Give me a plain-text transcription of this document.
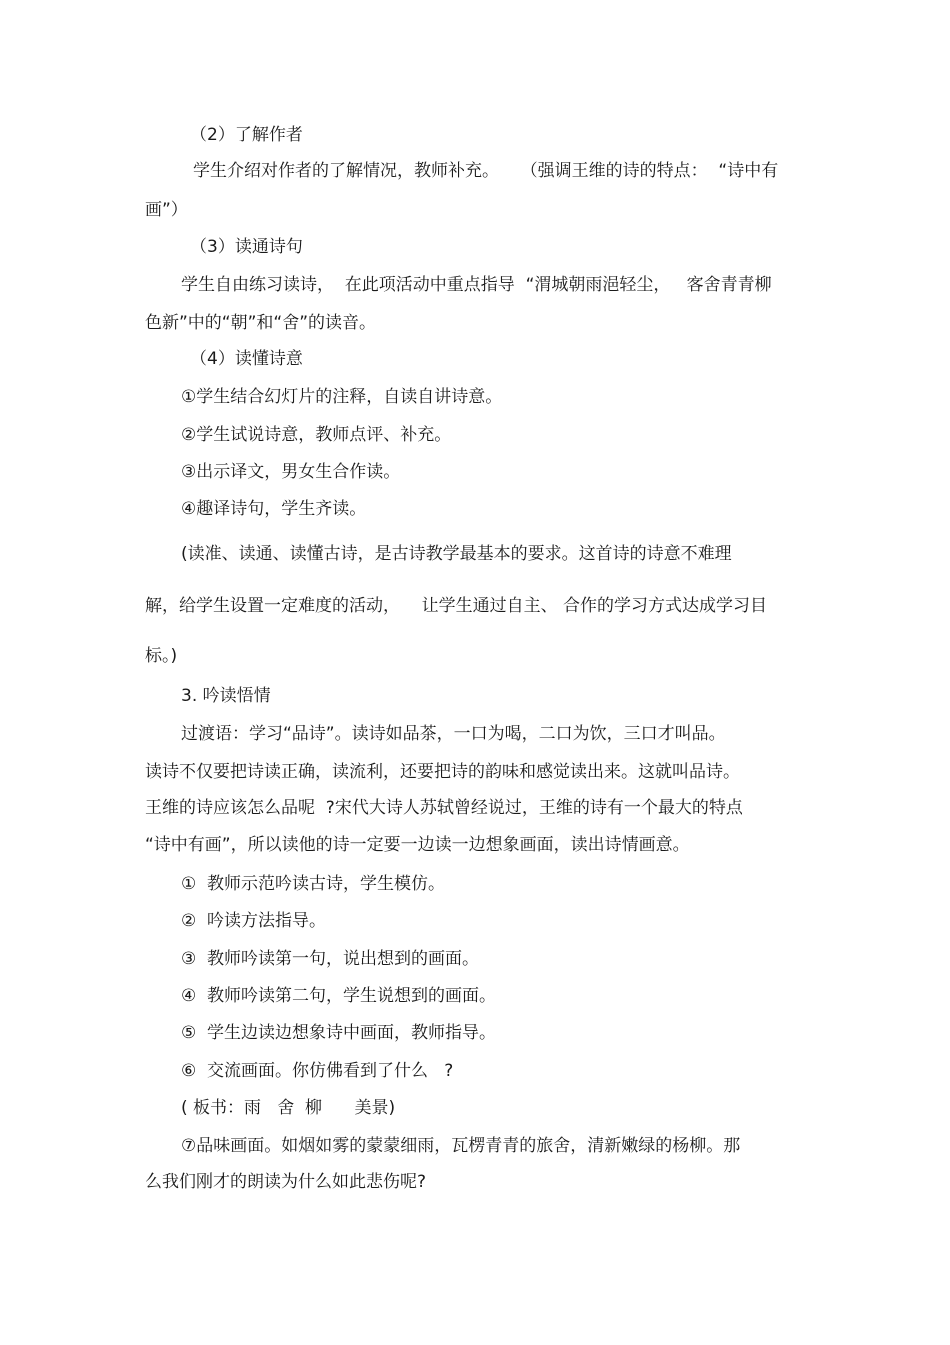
（2）了解作者

学生介绍对作者的了解情况，教师补充。    （强调王维的诗的特点：  “诗中有

画”）

（3）读通诗句

学生自由练习读诗，  在此项活动中重点指导  “渭城朝雨浥轻尘，   客舍青青柳

色新”中的“朝”和“舍”的读音。

（4）读懂诗意

①学生结合幻灯片的注释，自读自讲诗意。

②学生试说诗意，教师点评、补充。

③出示译文，男女生合作读。

④趣译诗句，学生齐读。

(读准、读通、读懂古诗，是古诗教学最基本的要求。这首诗的诗意不难理

解，给学生设置一定难度的活动，    让学生通过自主、 合作的学习方式达成学习目

标。)

3. 吟读悟情

过渡语：学习“品诗”。读诗如品茶，一口为喝，二口为饮，三口才叫品。

读诗不仅要把诗读正确，读流利，还要把诗的韵味和感觉读出来。这就叫品诗。

王维的诗应该怎么品呢  ?宋代大诗人苏轼曾经说过，王维的诗有一个最大的特点

“诗中有画”，所以读他的诗一定要一边读一边想象画面，读出诗情画意。

①  教师示范吟读古诗，学生模仿。

②  吟读方法指导。

③  教师吟读第一句，说出想到的画面。

④  教师吟读第二句，学生说想到的画面。

⑤  学生边读边想象诗中画面，教师指导。

⑥  交流画面。你仿佛看到了什么   ?

( 板书：雨   舍  柳      美景)

⑦品味画面。如烟如雾的蒙蒙细雨，瓦楞青青的旅舍，清新嫩绿的杨柳。那

么我们刚才的朗读为什么如此悲伤呢?
